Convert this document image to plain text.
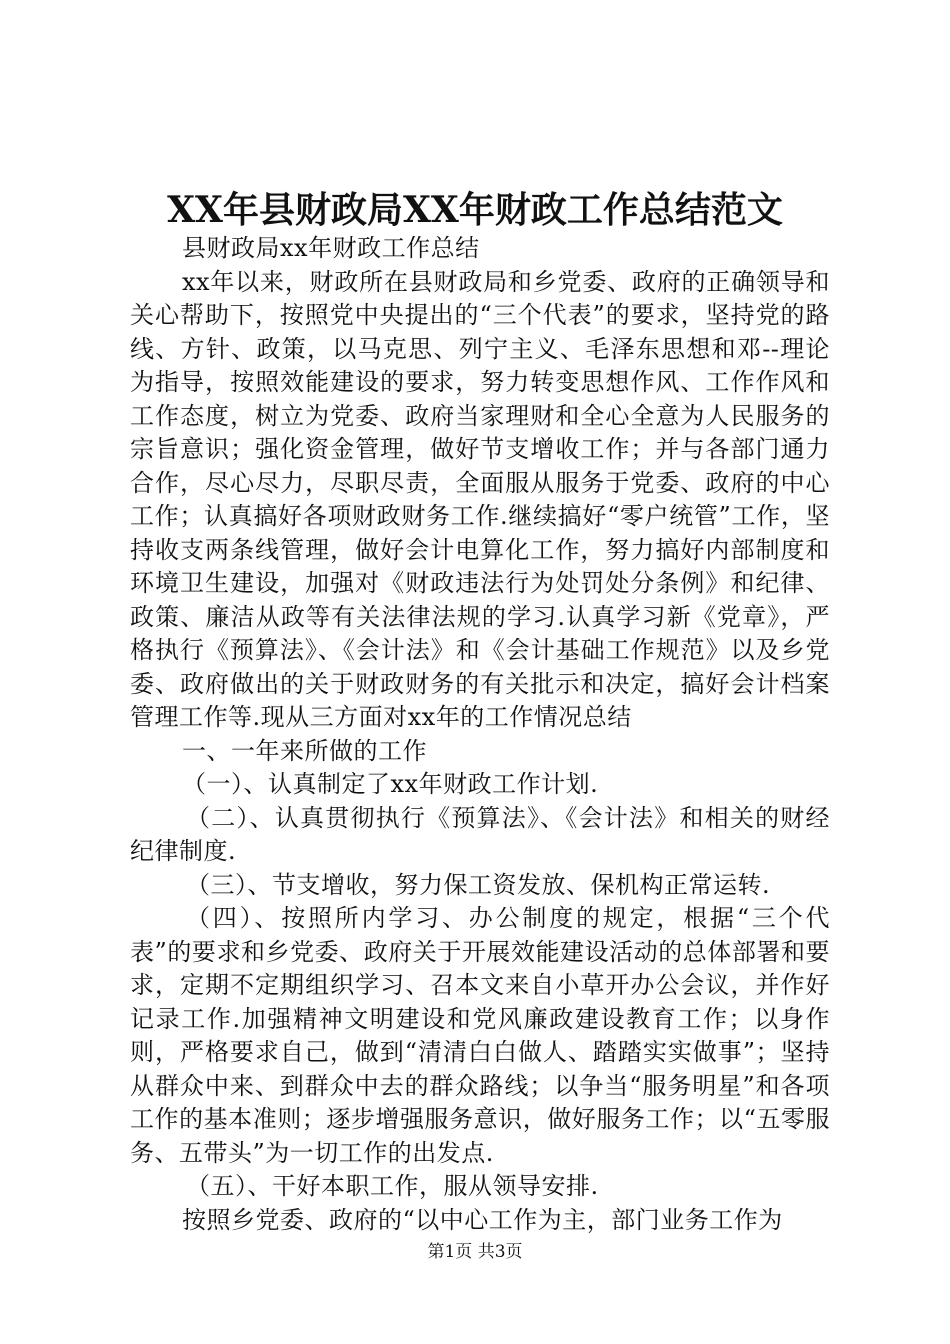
XX年县财政局XX年财政工作总结范文

县财政局xx年财政工作总结

xx年以来，财政所在县财政局和乡党委、政府的正确领导和关心帮助下，按照党中央提出的“三个代表”的要求，坚持党的路线、方针、政策，以马克思、列宁主义、毛泽东思想和邓--理论为指导，按照效能建设的要求，努力转变思想作风、工作作风和工作态度，树立为党委、政府当家理财和全心全意为人民服务的宗旨意识；强化资金管理，做好节支增收工作；并与各部门通力合作，尽心尽力，尽职尽责，全面服从服务于党委、政府的中心工作；认真搞好各项财政财务工作.继续搞好“零户统管”工作，坚持收支两条线管理，做好会计电算化工作，努力搞好内部制度和环境卫生建设，加强对《财政违法行为处罚处分条例》和纪律、政策、廉洁从政等有关法律法规的学习.认真学习新《党章》，严格执行《预算法》、《会计法》和《会计基础工作规范》以及乡党委、政府做出的关于财政财务的有关批示和决定，搞好会计档案管理工作等.现从三方面对xx年的工作情况总结

一、一年来所做的工作

（一）、认真制定了xx年财政工作计划.

（二）、认真贯彻执行《预算法》、《会计法》和相关的财经纪律制度.

（三）、节支增收，努力保工资发放、保机构正常运转.

（四）、按照所内学习、办公制度的规定，根据“三个代表”的要求和乡党委、政府关于开展效能建设活动的总体部署和要求，定期不定期组织学习、召本文来自小草开办公会议，并作好记录工作.加强精神文明建设和党风廉政建设教育工作；以身作则，严格要求自己，做到“清清白白做人、踏踏实实做事”；坚持从群众中来、到群众中去的群众路线；以争当“服务明星”和各项工作的基本准则；逐步增强服务意识，做好服务工作；以“五零服务、五带头”为一切工作的出发点.

（五）、干好本职工作，服从领导安排.

按照乡党委、政府的“以中心工作为主，部门业务工作为

第1页 共3页
